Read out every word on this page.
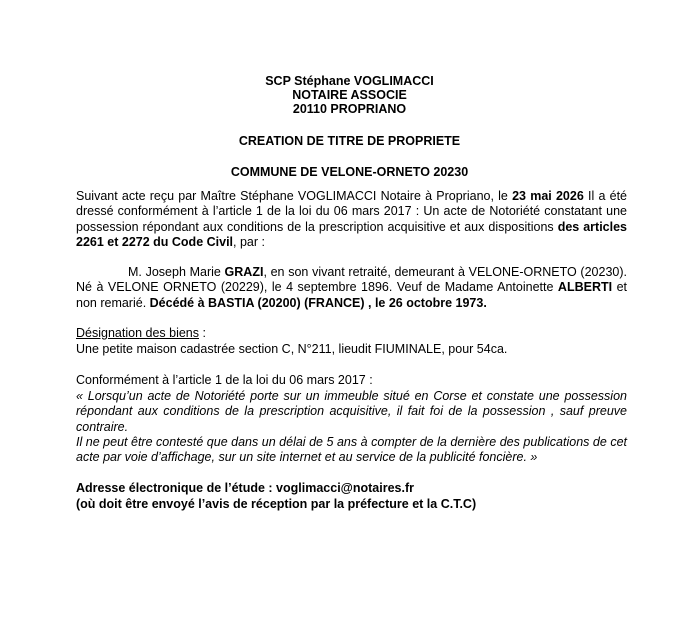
SCP Stéphane VOGLIMACCI
NOTAIRE ASSOCIE
20110 PROPRIANO
CREATION DE TITRE DE PROPRIETE
COMMUNE DE VELONE-ORNETO 20230
Suivant acte reçu par Maître Stéphane VOGLIMACCI Notaire à Propriano, le 23 mai 2026 Il a été dressé conformément à l’article 1 de la loi du 06 mars 2017 : Un acte de Notoriété constatant une possession répondant aux conditions de la prescription acquisitive et aux dispositions des articles 2261 et 2272 du Code Civil, par :
M. Joseph Marie GRAZI, en son vivant retraité, demeurant à VELONE-ORNETO (20230). Né à VELONE ORNETO (20229), le 4 septembre 1896. Veuf de Madame Antoinette ALBERTI et non remarié. Décédé à BASTIA (20200) (FRANCE) , le 26 octobre 1973.
Désignation des biens :
Une petite maison cadastrée section C, N°211, lieudit FIUMINALE, pour 54ca.
Conformément à l’article 1 de la loi du 06 mars 2017 :
« Lorsqu’un acte de Notoriété porte sur un immeuble situé en Corse et constate une possession répondant aux conditions de la prescription acquisitive, il fait foi de la possession , sauf preuve contraire.
Il ne peut être contesté que dans un délai de 5 ans à compter de la dernière des publications de cet acte par voie d’affichage, sur un site internet et au service de la publicité foncière. »
Adresse électronique de l’étude : voglimacci@notaires.fr
(où doit être envoyé l’avis de réception par la préfecture et la C.T.C)
